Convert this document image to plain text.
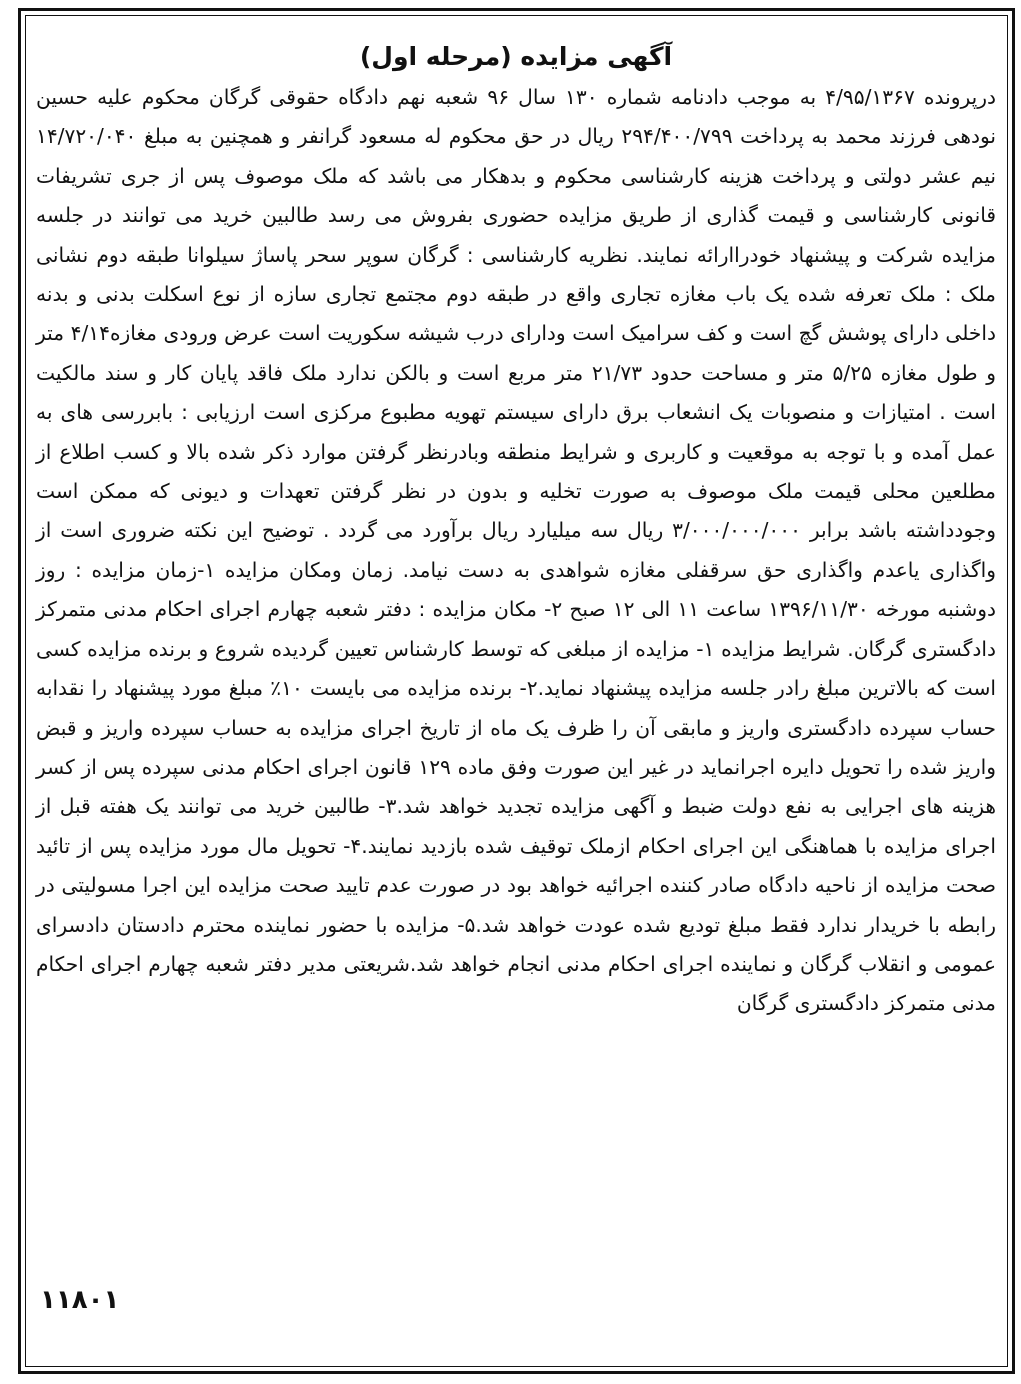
آگهی مزایده (مرحله اول)

درپرونده ۴/۹۵/۱۳۶۷ به موجب دادنامه شماره ۱۳۰ سال ۹۶ شعبه نهم دادگاه حقوقی گرگان محکوم علیه حسین نودهی فرزند محمد به پرداخت ۲۹۴/۴۰۰/۷۹۹ ریال در حق محکوم له مسعود گرانفر و همچنین به مبلغ ۱۴/۷۲۰/۰۴۰ نیم عشر دولتی و پرداخت هزینه کارشناسی محکوم و بدهکار می باشد که ملک موصوف پس از جری تشریفات قانونی کارشناسی و قیمت گذاری از طریق مزایده حضوری بفروش می رسد طالبین خرید می توانند در جلسه مزایده شرکت و پیشنهاد خودراارائه نمایند. نظریه کارشناسی : گرگان سوپر سحر پاساژ سیلوانا طبقه دوم نشانی ملک : ملک تعرفه شده یک باب مغازه تجاری واقع در طبقه دوم مجتمع تجاری سازه از نوع اسکلت بدنی و بدنه داخلی دارای پوشش گچ است و کف سرامیک است ودارای درب شیشه سکوریت است عرض ورودی مغازه۴/۱۴ متر و طول مغازه ۵/۲۵ متر و مساحت حدود ۲۱/۷۳ متر مربع است و بالکن ندارد ملک فاقد پایان کار و سند مالکیت است . امتیازات و منصوبات یک انشعاب برق دارای سیستم تهویه مطبوع مرکزی است ارزیابی : بابررسی های به عمل آمده و با توجه به موقعیت و کاربری و شرایط منطقه وبادرنظر گرفتن موارد ذکر شده بالا و کسب اطلاع از مطلعین محلی قیمت ملک موصوف به صورت تخلیه و بدون در نظر گرفتن تعهدات و دیونی که ممکن است وجودداشته باشد برابر ۳/۰۰۰/۰۰۰/۰۰۰ ریال سه میلیارد ریال برآورد می گردد . توضیح این نکته ضروری است از واگذاری یاعدم واگذاری حق سرقفلی مغازه شواهدی به دست نیامد. زمان ومکان مزایده ۱-زمان مزایده : روز دوشنبه مورخه ۱۳۹۶/۱۱/۳۰ ساعت ۱۱ الی ۱۲ صبح ۲- مکان مزایده : دفتر شعبه چهارم اجرای احکام مدنی متمرکز دادگستری گرگان. شرایط مزایده ۱- مزایده از مبلغی که توسط کارشناس تعیین گردیده شروع و برنده مزایده کسی است که بالاترین مبلغ رادر جلسه مزایده پیشنهاد نماید.۲- برنده مزایده می بایست ۱۰٪ مبلغ مورد پیشنهاد را نقدابه حساب سپرده دادگستری واریز و مابقی آن را ظرف یک ماه از تاریخ اجرای مزایده به حساب سپرده واریز و قبض واریز شده را تحویل دایره اجرانماید در غیر این صورت وفق ماده ۱۲۹ قانون اجرای احکام مدنی سپرده پس از کسر هزینه های اجرایی به نفع دولت ضبط و آگهی مزایده تجدید خواهد شد.۳- طالبین خرید می توانند یک هفته قبل از اجرای مزایده با هماهنگی این اجرای احکام ازملک توقیف شده بازدید نمایند.۴- تحویل مال مورد مزایده پس از تائید صحت مزایده از ناحیه دادگاه صادر کننده اجرائیه خواهد بود در صورت عدم تایید صحت مزایده این اجرا مسولیتی در رابطه با خریدار ندارد فقط مبلغ تودیع شده عودت خواهد شد.۵- مزایده با حضور نماینده محترم دادستان دادسرای عمومی و انقلاب گرگان و نماینده اجرای احکام مدنی انجام خواهد شد.شریعتی مدیر دفتر شعبه چهارم اجرای احکام مدنی متمرکز دادگستری گرگان

۱۱۸۰۱
